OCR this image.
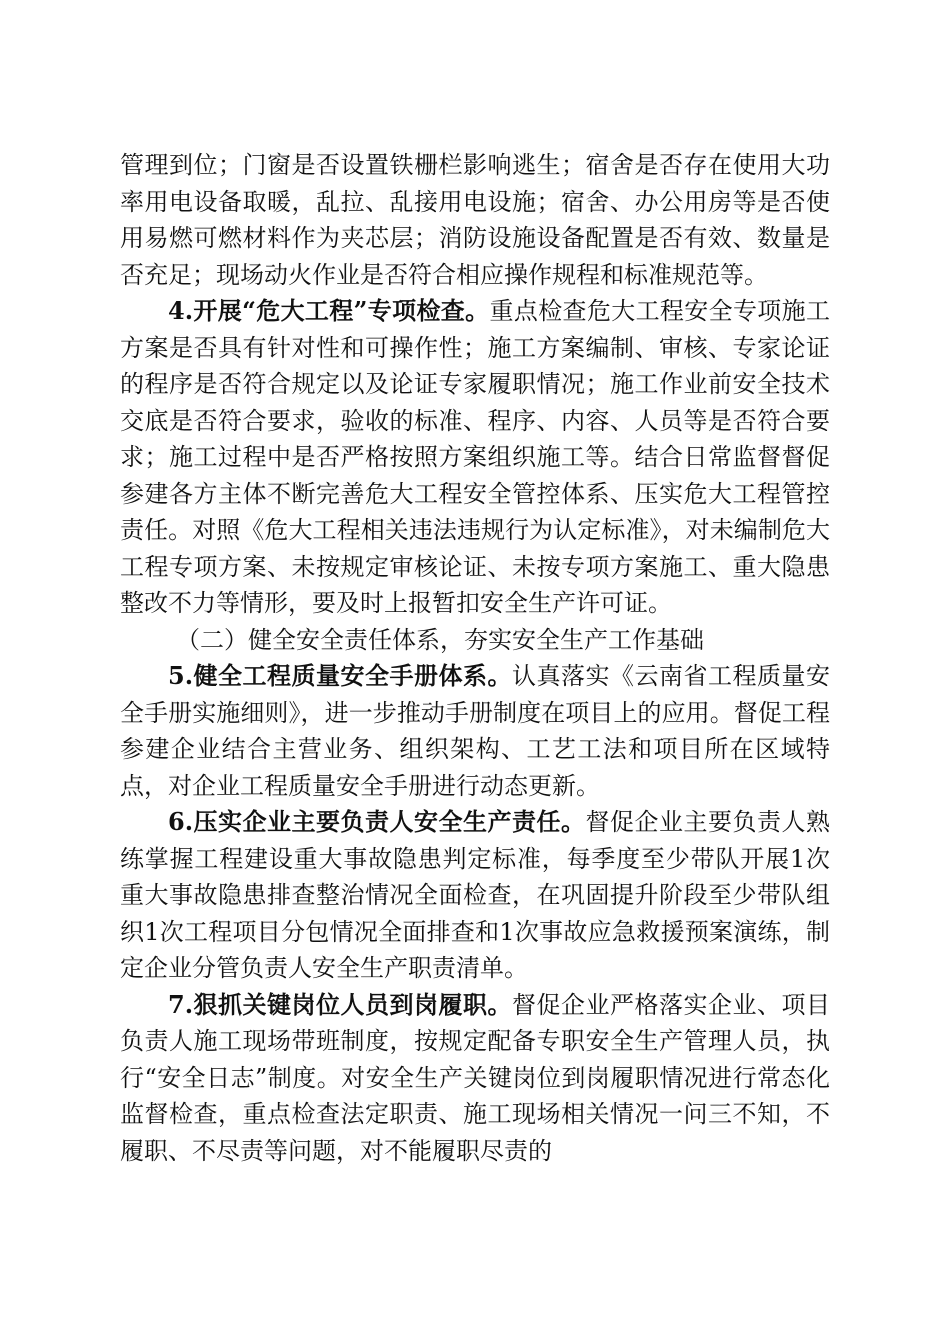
管理到位；门窗是否设置铁栅栏影响逃生；宿舍是否存在使用大功率用电设备取暖，乱拉、乱接用电设施；宿舍、办公用房等是否使用易燃可燃材料作为夹芯层；消防设施设备配置是否有效、数量是否充足；现场动火作业是否符合相应操作规程和标准规范等。

4.开展“危大工程”专项检查。重点检查危大工程安全专项施工方案是否具有针对性和可操作性；施工方案编制、审核、专家论证的程序是否符合规定以及论证专家履职情况；施工作业前安全技术交底是否符合要求，验收的标准、程序、内容、人员等是否符合要求；施工过程中是否严格按照方案组织施工等。结合日常监督督促参建各方主体不断完善危大工程安全管控体系、压实危大工程管控责任。对照《危大工程相关违法违规行为认定标准》，对未编制危大工程专项方案、未按规定审核论证、未按专项方案施工、重大隐患整改不力等情形，要及时上报暂扣安全生产许可证。

（二）健全安全责任体系，夯实安全生产工作基础

5.健全工程质量安全手册体系。认真落实《云南省工程质量安全手册实施细则》，进一步推动手册制度在项目上的应用。督促工程参建企业结合主营业务、组织架构、工艺工法和项目所在区域特点，对企业工程质量安全手册进行动态更新。

6.压实企业主要负责人安全生产责任。督促企业主要负责人熟练掌握工程建设重大事故隐患判定标准，每季度至少带队开展1次重大事故隐患排查整治情况全面检查，在巩固提升阶段至少带队组织1次工程项目分包情况全面排查和1次事故应急救援预案演练，制定企业分管负责人安全生产职责清单。

7.狠抓关键岗位人员到岗履职。督促企业严格落实企业、项目负责人施工现场带班制度，按规定配备专职安全生产管理人员，执行“安全日志”制度。对安全生产关键岗位到岗履职情况进行常态化监督检查，重点检查法定职责、施工现场相关情况一问三不知，不履职、不尽责等问题，对不能履职尽责的
